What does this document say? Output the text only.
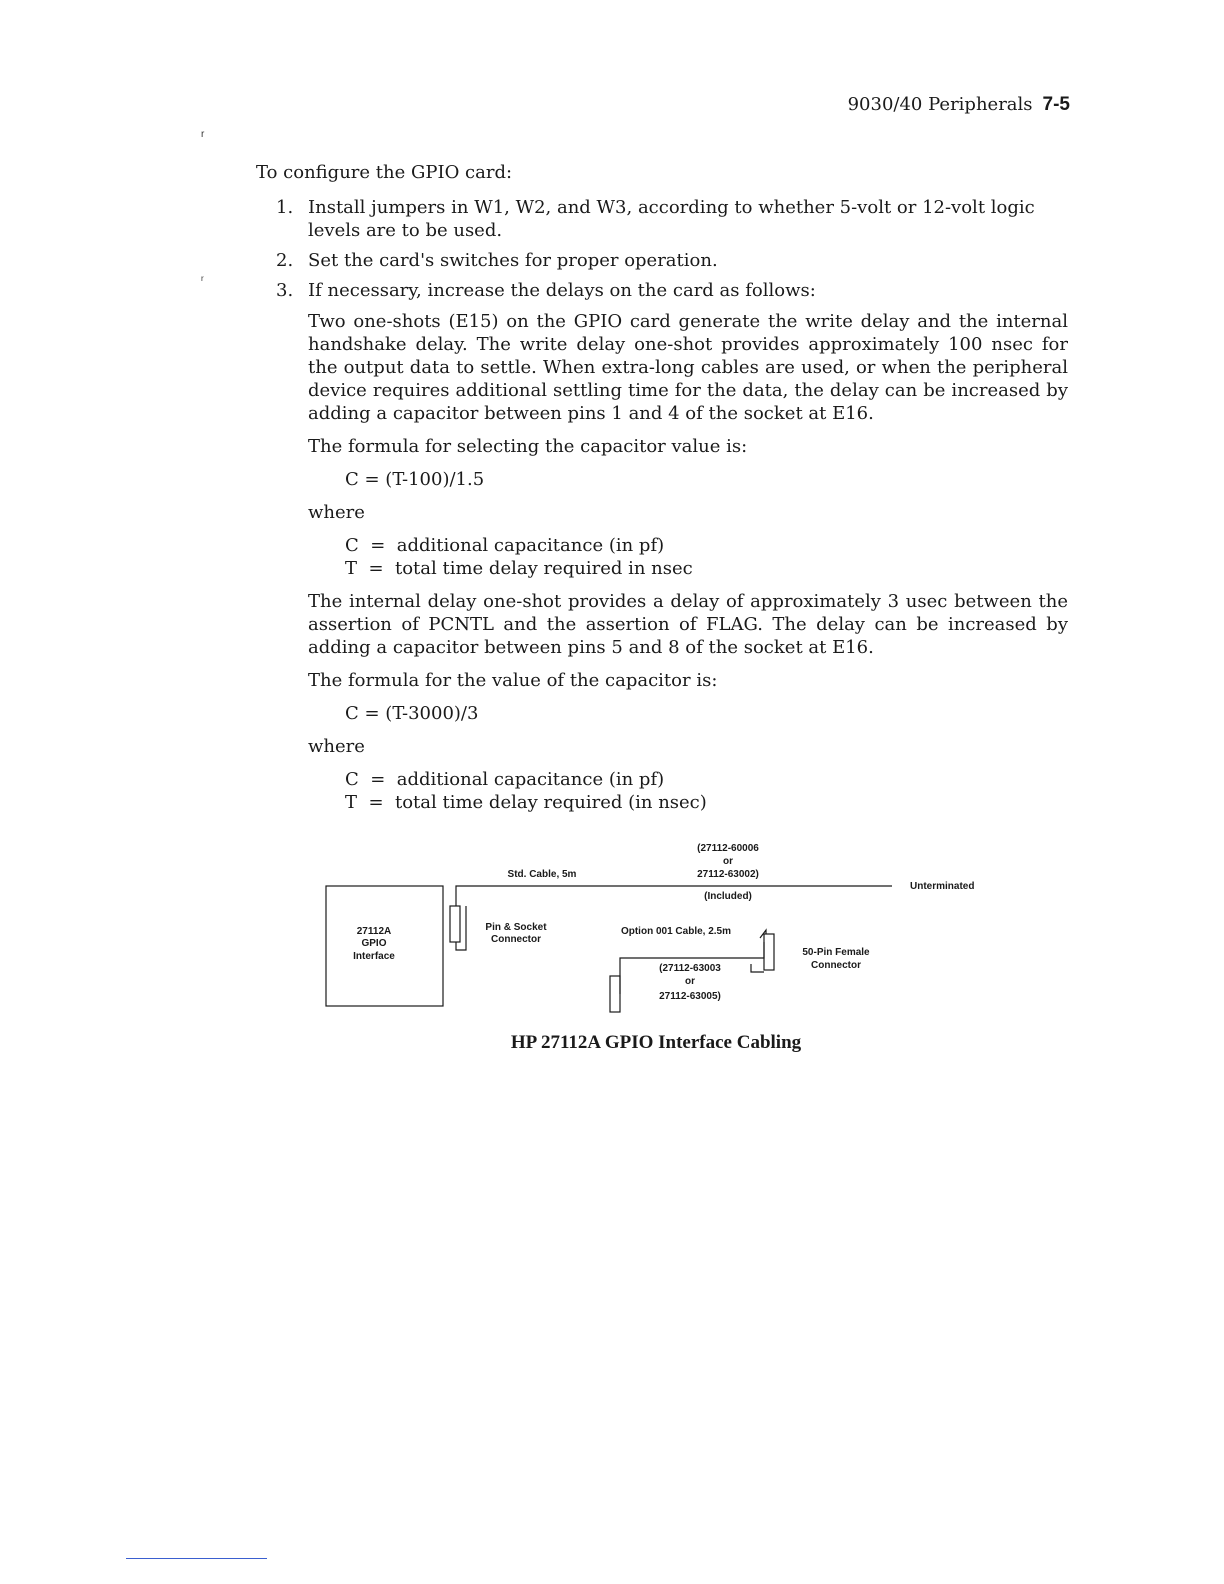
9030/40 Peripherals 7-5
r
r
To configure the GPIO card:
1. Install jumpers in W1, W2, and W3, according to whether 5-volt or 12-volt logic levels are to be used.
2. Set the card's switches for proper operation.
3. If necessary, increase the delays on the card as follows:

Two one-shots (E15) on the GPIO card generate the write delay and the internal handshake delay. The write delay one-shot provides approximately 100 nsec for the output data to settle. When extra-long cables are used, or when the peripheral device requires additional settling time for the data, the delay can be increased by adding a capacitor between pins 1 and 4 of the socket at E16.

The formula for selecting the capacitor value is:

C = (T-100)/1.5
where
C  =  additional capacitance (in pf)
T  =  total time delay required in nsec

The internal delay one-shot provides a delay of approximately 3 usec between the assertion of PCNTL and the assertion of FLAG. The delay can be increased by adding a capacitor between pins 5 and 8 of the socket at E16.

The formula for the value of the capacitor is:

C = (T-3000)/3
where
C  =  additional capacitance (in pf)
T  =  total time delay required (in nsec)
27112A
GPIO
Interface
Std. Cable, 5m
(27112-60006
or
27112-63002)
(Included)
Unterminated
Pin & Socket
Connector
Option 001 Cable, 2.5m
(27112-63003
or
27112-63005)
50-Pin Female
Connector
HP 27112A GPIO Interface Cabling
